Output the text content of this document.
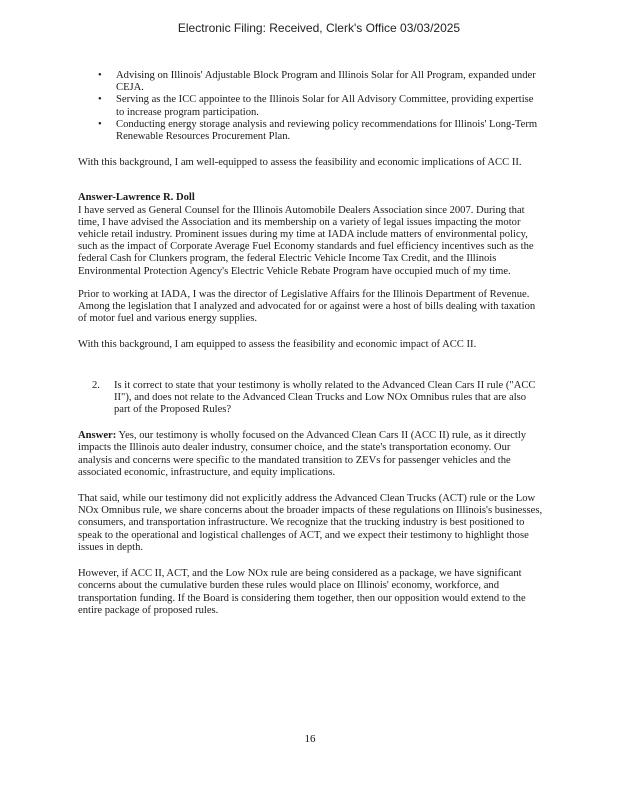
Electronic Filing: Received, Clerk's Office 03/03/2025
• Advising on Illinois' Adjustable Block Program and Illinois Solar for All Program, expanded under CEJA.
• Serving as the ICC appointee to the Illinois Solar for All Advisory Committee, providing expertise to increase program participation.
• Conducting energy storage analysis and reviewing policy recommendations for Illinois' Long-Term Renewable Resources Procurement Plan.

With this background, I am well-equipped to assess the feasibility and economic implications of ACC II.

Answer-Lawrence R. Doll

I have served as General Counsel for the Illinois Automobile Dealers Association since 2007. During that time, I have advised the Association and its membership on a variety of legal issues impacting the motor vehicle retail industry. Prominent issues during my time at IADA include matters of environmental policy, such as the impact of Corporate Average Fuel Economy standards and fuel efficiency incentives such as the federal Cash for Clunkers program, the federal Electric Vehicle Income Tax Credit, and the Illinois Environmental Protection Agency's Electric Vehicle Rebate Program have occupied much of my time.

Prior to working at IADA, I was the director of Legislative Affairs for the Illinois Department of Revenue. Among the legislation that I analyzed and advocated for or against were a host of bills dealing with taxation of motor fuel and various energy supplies.

With this background, I am equipped to assess the feasibility and economic impact of ACC II.

2. Is it correct to state that your testimony is wholly related to the Advanced Clean Cars II rule ("ACC II"), and does not relate to the Advanced Clean Trucks and Low NOx Omnibus rules that are also part of the Proposed Rules?

Answer: Yes, our testimony is wholly focused on the Advanced Clean Cars II (ACC II) rule, as it directly impacts the Illinois auto dealer industry, consumer choice, and the state's transportation economy. Our analysis and concerns were specific to the mandated transition to ZEVs for passenger vehicles and the associated economic, infrastructure, and equity implications.

That said, while our testimony did not explicitly address the Advanced Clean Trucks (ACT) rule or the Low NOx Omnibus rule, we share concerns about the broader impacts of these regulations on Illinois's businesses, consumers, and transportation infrastructure. We recognize that the trucking industry is best positioned to speak to the operational and logistical challenges of ACT, and we expect their testimony to highlight those issues in depth.

However, if ACC II, ACT, and the Low NOx rule are being considered as a package, we have significant concerns about the cumulative burden these rules would place on Illinois' economy, workforce, and transportation funding. If the Board is considering them together, then our opposition would extend to the entire package of proposed rules.

16
